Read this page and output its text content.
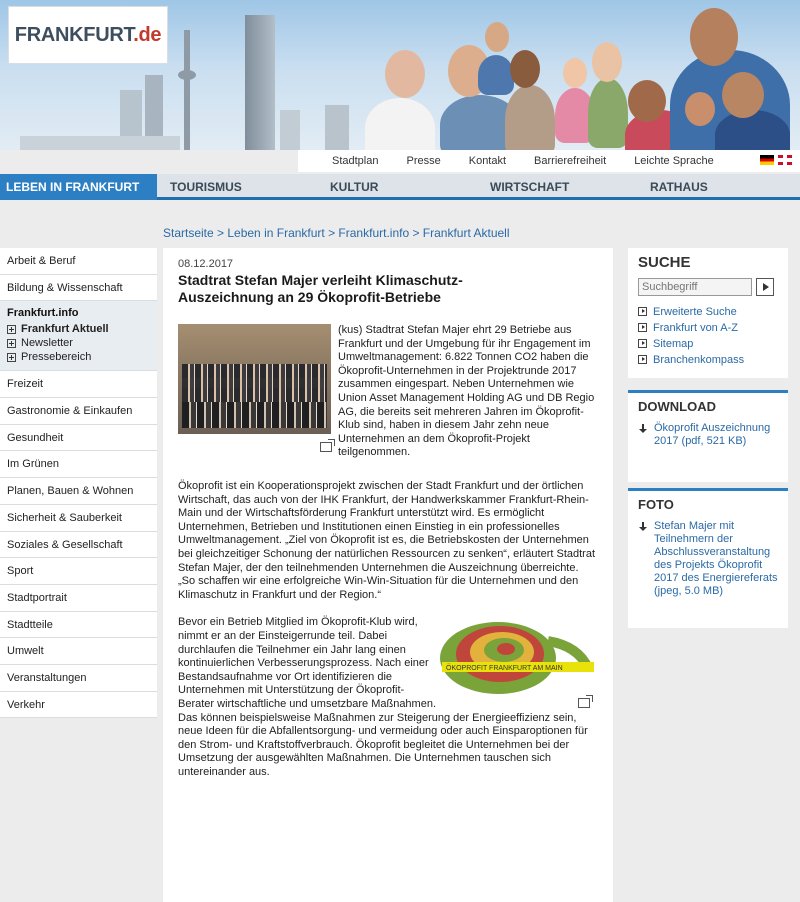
FRANKFURT.de
Stadtplan	Presse	Kontakt	Barrierefreiheit	Leichte Sprache
LEBEN IN FRANKFURT	TOURISMUS	KULTUR	WIRTSCHAFT	RATHAUS
Startseite > Leben in Frankfurt > Frankfurt.info > Frankfurt Aktuell
Arbeit & Beruf
Bildung & Wissenschaft
Frankfurt.info
Frankfurt Aktuell
Newsletter
Pressebereich
Freizeit
Gastronomie & Einkaufen
Gesundheit
Im Grünen
Planen, Bauen & Wohnen
Sicherheit & Sauberkeit
Soziales & Gesellschaft
Sport
Stadtportrait
Stadtteile
Umwelt
Veranstaltungen
Verkehr
08.12.2017
Stadtrat Stefan Majer verleiht Klimaschutz-Auszeichnung an 29 Ökoprofit-Betriebe

(kus) Stadtrat Stefan Majer ehrt 29 Betriebe aus Frankfurt und der Umgebung für ihr Engagement im Umweltmanagement: 6.822 Tonnen CO2 haben die Ökoprofit-Unternehmen in der Projektrunde 2017 zusammen eingespart. Neben Unternehmen wie Union Asset Management Holding AG und DB Regio AG, die bereits seit mehreren Jahren im Ökoprofit-Klub sind, haben in diesem Jahr zehn neue Unternehmen an dem Ökoprofit-Projekt teilgenommen.

Ökoprofit ist ein Kooperationsprojekt zwischen der Stadt Frankfurt und der örtlichen Wirtschaft, das auch von der IHK Frankfurt, der Handwerkskammer Frankfurt-Rhein-Main und der Wirtschaftsförderung Frankfurt unterstützt wird. Es ermöglicht Unternehmen, Betrieben und Institutionen einen Einstieg in ein professionelles Umweltmanagement. „Ziel von Ökoprofit ist es, die Betriebskosten der Unternehmen bei gleichzeitiger Schonung der natürlichen Ressourcen zu senken“, erläutert Stadtrat Stefan Majer, der den teilnehmenden Unternehmen die Auszeichnung überreichte. „So schaffen wir eine erfolgreiche Win-Win-Situation für die Unternehmen und den Klimaschutz in Frankfurt und der Region.“

ÖKOPROFIT FRANKFURT AM MAIN

Bevor ein Betrieb Mitglied im Ökoprofit-Klub wird, nimmt er an der Einsteigerrunde teil. Dabei durchlaufen die Teilnehmer ein Jahr lang einen kontinuierlichen Verbesserungsprozess. Nach einer Bestandsaufnahme vor Ort identifizieren die Unternehmen mit Unterstützung der Ökoprofit-Berater wirtschaftliche und umsetzbare Maßnahmen. Das können beispielsweise Maßnahmen zur Steigerung der Energieeffizienz sein, neue Ideen für die Abfallentsorgung- und vermeidung oder auch Einsparoptionen für den Strom- und Kraftstoffverbrauch. Ökoprofit begleitet die Unternehmen bei der Umsetzung der ausgewählten Maßnahmen. Die Unternehmen tauschen sich untereinander aus.

SUCHE
Suchbegriff
Erweiterte Suche
Frankfurt von A-Z
Sitemap
Branchenkompass
DOWNLOAD
Ökoprofit Auszeichnung 2017 (pdf, 521 KB)
FOTO
Stefan Majer mit Teilnehmern der Abschlussveranstaltung des Projekts Ökoprofit 2017 des Energiereferats (jpeg, 5.0 MB)
